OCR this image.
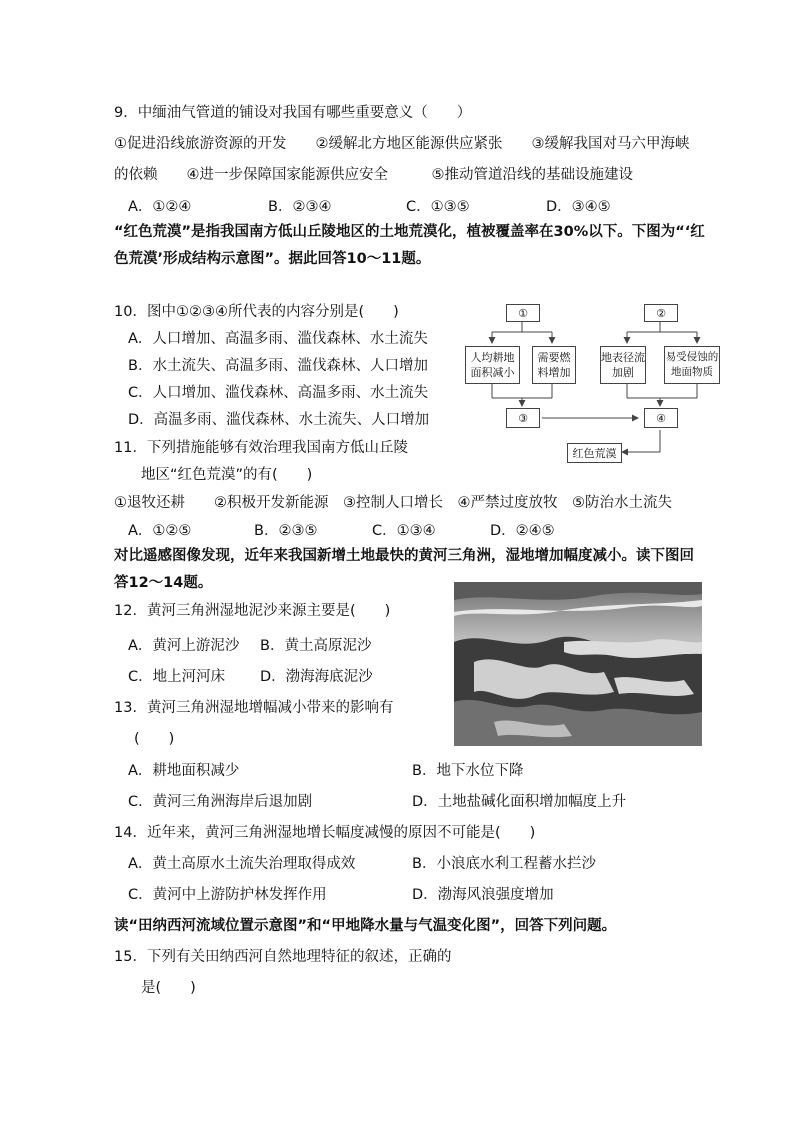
9．中缅油气管道的铺设对我国有哪些重要意义（　　）
①促进沿线旅游资源的开发　　②缓解北方地区能源供应紧张　　③缓解我国对马六甲海峡
的依赖　　④进一步保障国家能源供应安全　　　⑤推动管道沿线的基础设施建设
A．①②④	B．②③④	C．①③⑤	D．③④⑤
“红色荒漠”是指我国南方低山丘陵地区的土地荒漠化，植被覆盖率在30%以下。下图为“‘红
色荒漠’形成结构示意图”。据此回答10～11题。
10．图中①②③④所代表的内容分别是(　　)
A．人口增加、高温多雨、滥伐森林、水土流失
B．水土流失、高温多雨、滥伐森林、人口增加
C．人口增加、滥伐森林、高温多雨、水土流失
D．高温多雨、滥伐森林、水土流失、人口增加
①	②
人均耕地面积减小
需要燃料增加
地表径流加剧
易受侵蚀的地面物质
③	④
红色荒漠
11．下列措施能够有效治理我国南方低山丘陵
地区“红色荒漠”的有(　　)
①退牧还耕　　②积极开发新能源　③控制人口增长　④严禁过度放牧　⑤防治水土流失
A．①②⑤	B．②③⑤	C．①③④	D．②④⑤
对比遥感图像发现，近年来我国新增土地最快的黄河三角洲，湿地增加幅度减小。读下图回
答12～14题。
12．黄河三角洲湿地泥沙来源主要是(　　)
A．黄河上游泥沙 B．黄土高原泥沙
C．地上河河床 D．渤海海底泥沙
13．黄河三角洲湿地增幅减小带来的影响有
(　　)
A．耕地面积减少	B．地下水位下降
C．黄河三角洲海岸后退加剧	D．土地盐碱化面积增加幅度上升
14．近年来，黄河三角洲湿地增长幅度减慢的原因不可能是(　　)
A．黄土高原水土流失治理取得成效	B．小浪底水利工程蓄水拦沙
C．黄河中上游防护林发挥作用	D．渤海风浪强度增加
读“田纳西河流域位置示意图”和“甲地降水量与气温变化图”，回答下列问题。
15．下列有关田纳西河自然地理特征的叙述，正确的
是(　　)
